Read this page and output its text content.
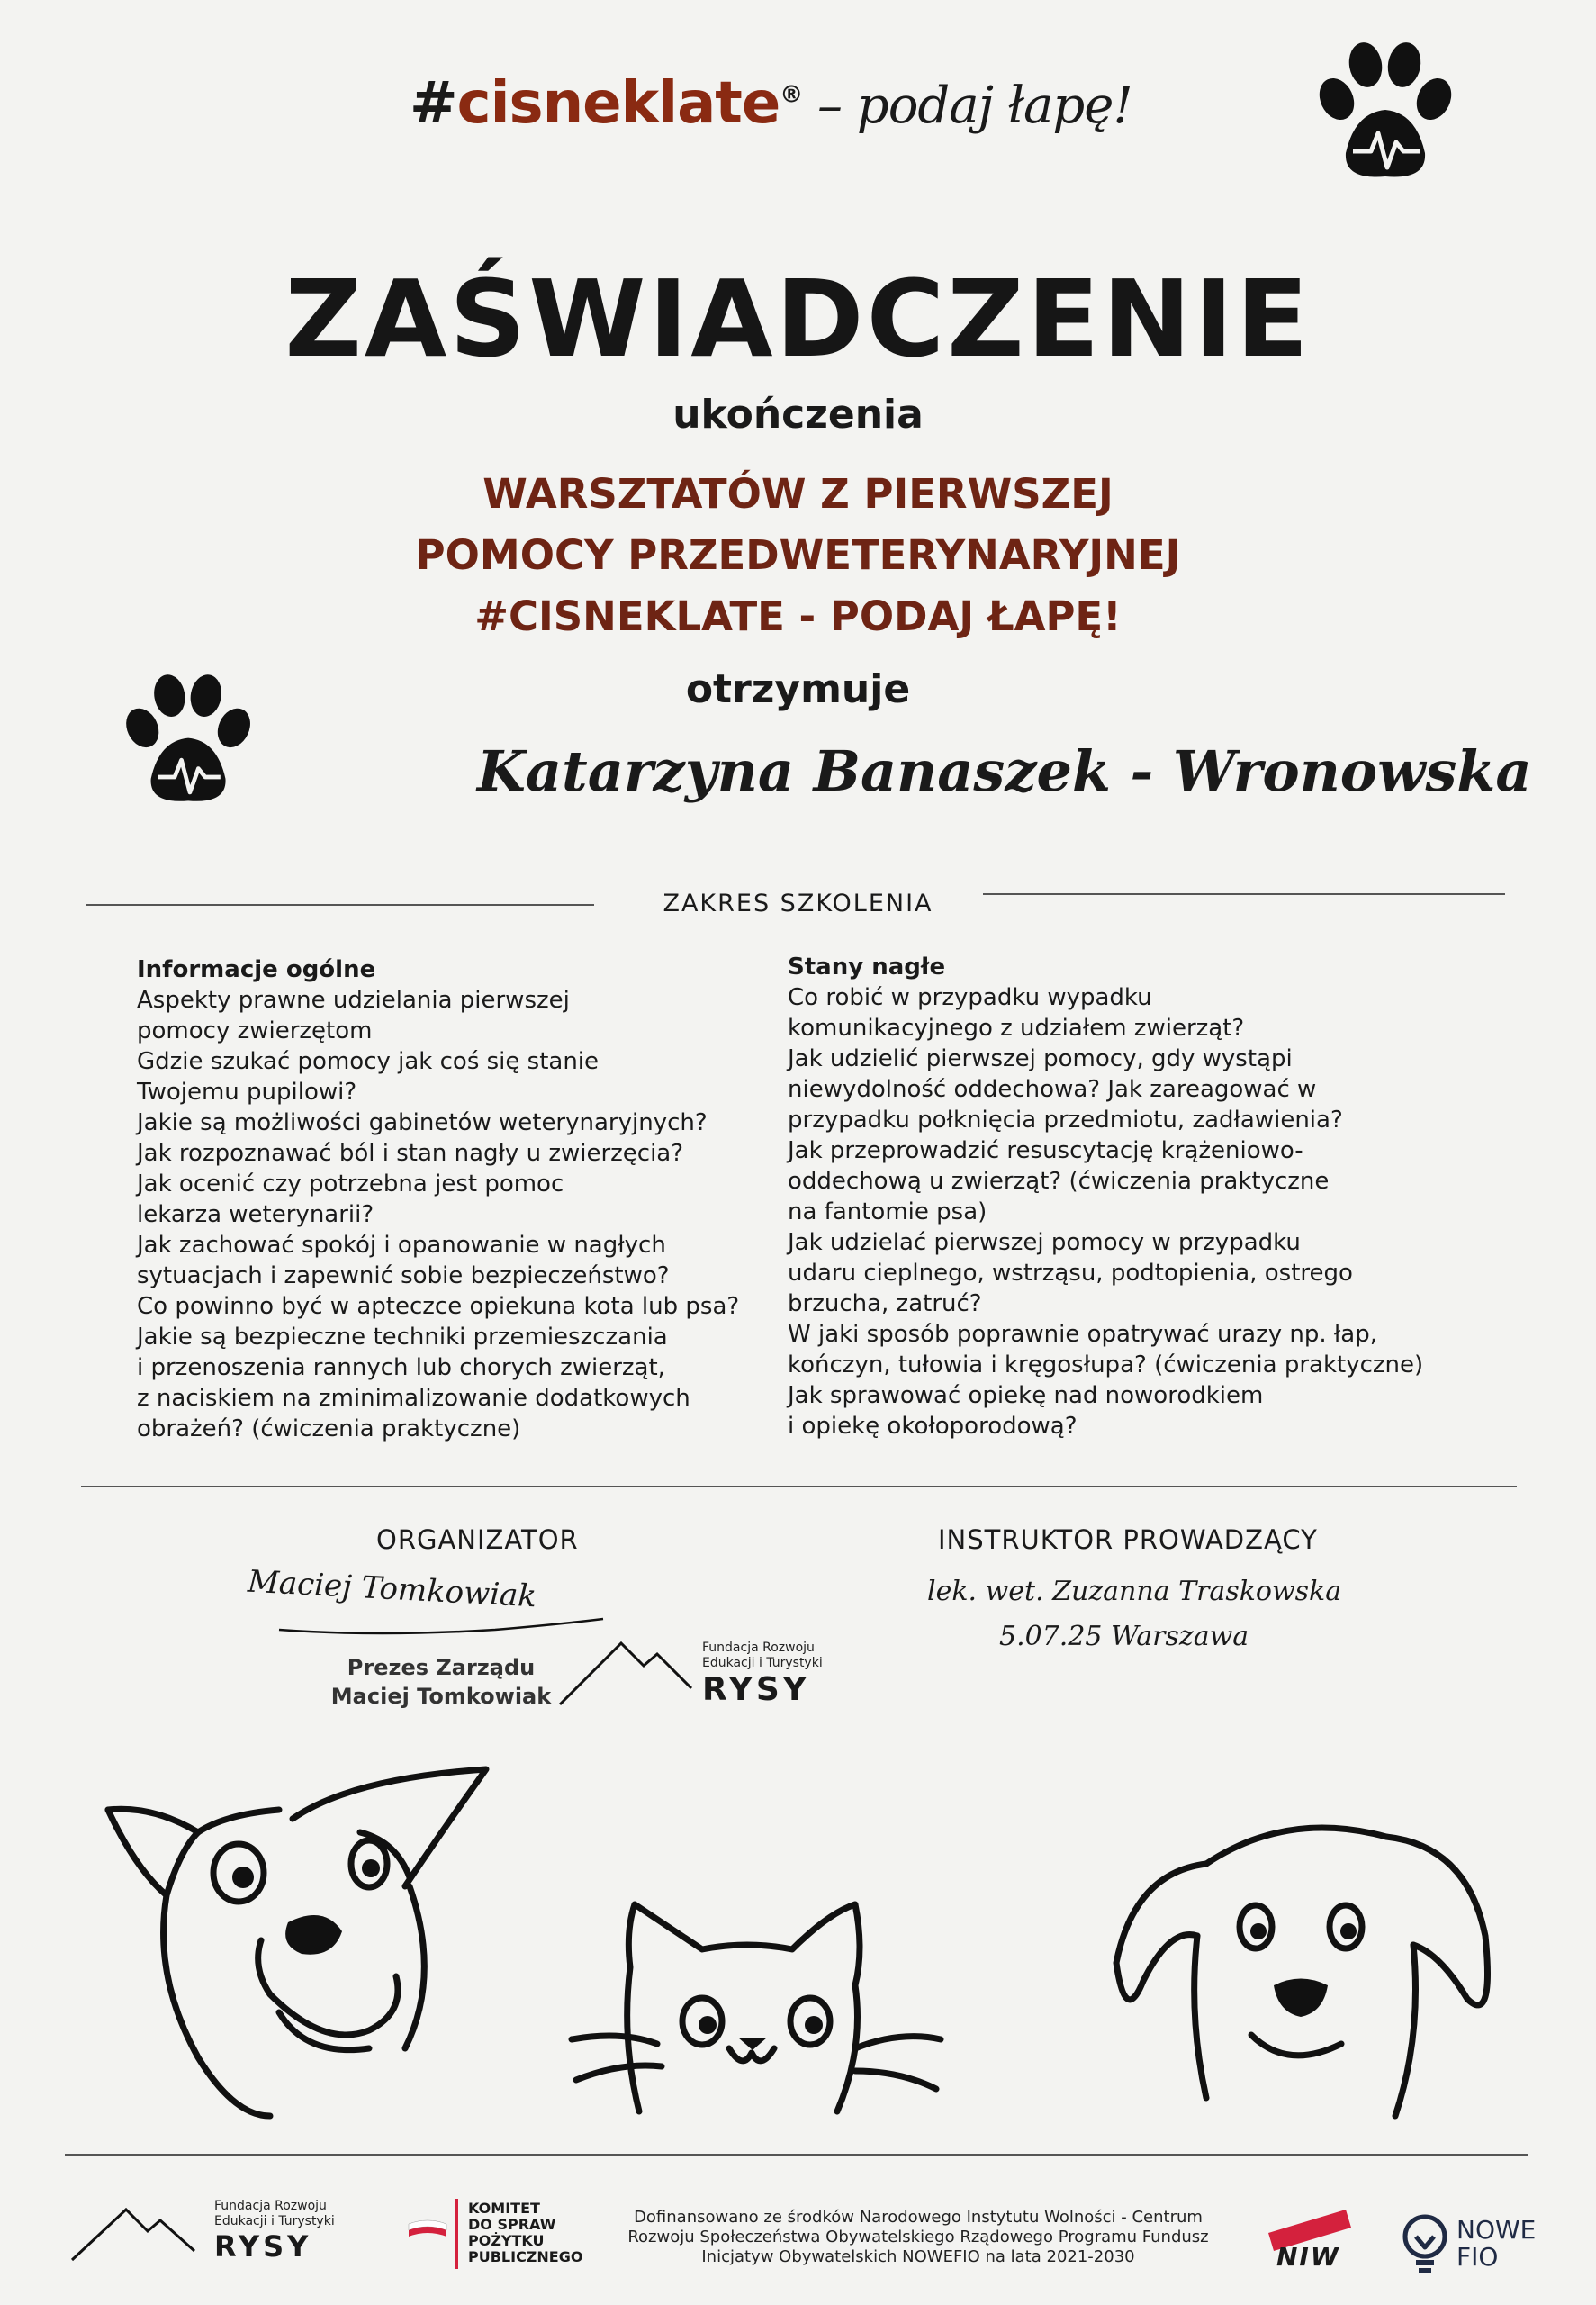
#cisneklate® – podaj łapę!
ZAŚWIADCZENIE
ukończenia
WARSZTATÓW Z PIERWSZEJ
POMOCY PRZEDWETERYNARYJNEJ
#CISNEKLATE - PODAJ ŁAPĘ!
otrzymuje
Katarzyna Banaszek - Wronowska
ZAKRES SZKOLENIA
Informacje ogólne

Aspekty prawne udzielania pierwszej

pomocy zwierzętom

Gdzie szukać pomocy jak coś się stanie

Twojemu pupilowi?

Jakie są możliwości gabinetów weterynaryjnych?

Jak rozpoznawać ból i stan nagły u zwierzęcia?

Jak ocenić czy potrzebna jest pomoc

lekarza weterynarii?

Jak zachować spokój i opanowanie w nagłych

sytuacjach i zapewnić sobie bezpieczeństwo?

Co powinno być w apteczce opiekuna kota lub psa?

Jakie są bezpieczne techniki przemieszczania

i przenoszenia rannych lub chorych zwierząt,

z naciskiem na zminimalizowanie dodatkowych

obrażeń? (ćwiczenia praktyczne)

Stany nagłe

Co robić w przypadku wypadku

komunikacyjnego z udziałem zwierząt?

Jak udzielić pierwszej pomocy, gdy wystąpi

niewydolność oddechowa? Jak zareagować w

przypadku połknięcia przedmiotu, zadławienia?

Jak przeprowadzić resuscytację krążeniowo-

oddechową u zwierząt? (ćwiczenia praktyczne

na fantomie psa)

Jak udzielać pierwszej pomocy w przypadku

udaru cieplnego, wstrząsu, podtopienia, ostrego

brzucha, zatruć?

W jaki sposób poprawnie opatrywać urazy np. łap,

kończyn, tułowia i kręgosłupa? (ćwiczenia praktyczne)

Jak sprawować opiekę nad noworodkiem

i opiekę okołoporodową?

ORGANIZATOR	INSTRUKTOR PROWADZĄCY
Maciej Tomkowiak
Prezes Zarządu
Maciej Tomkowiak
Fundacja Rozwoju
Edukacji i Turystyki
RYSY
lek. wet. Zuzanna Traskowska
5.07.25 Warszawa
Fundacja Rozwoju
Edukacji i Turystyki
RYSY
KOMITET
DO SPRAW
POŻYTKU
PUBLICZNEGO
Dofinansowano ze środków Narodowego Instytutu Wolności - Centrum
Rozwoju Społeczeństwa Obywatelskiego Rządowego Programu Fundusz
Inicjatyw Obywatelskich NOWEFIO na lata 2021-2030	NIW
NOWE
FIO
